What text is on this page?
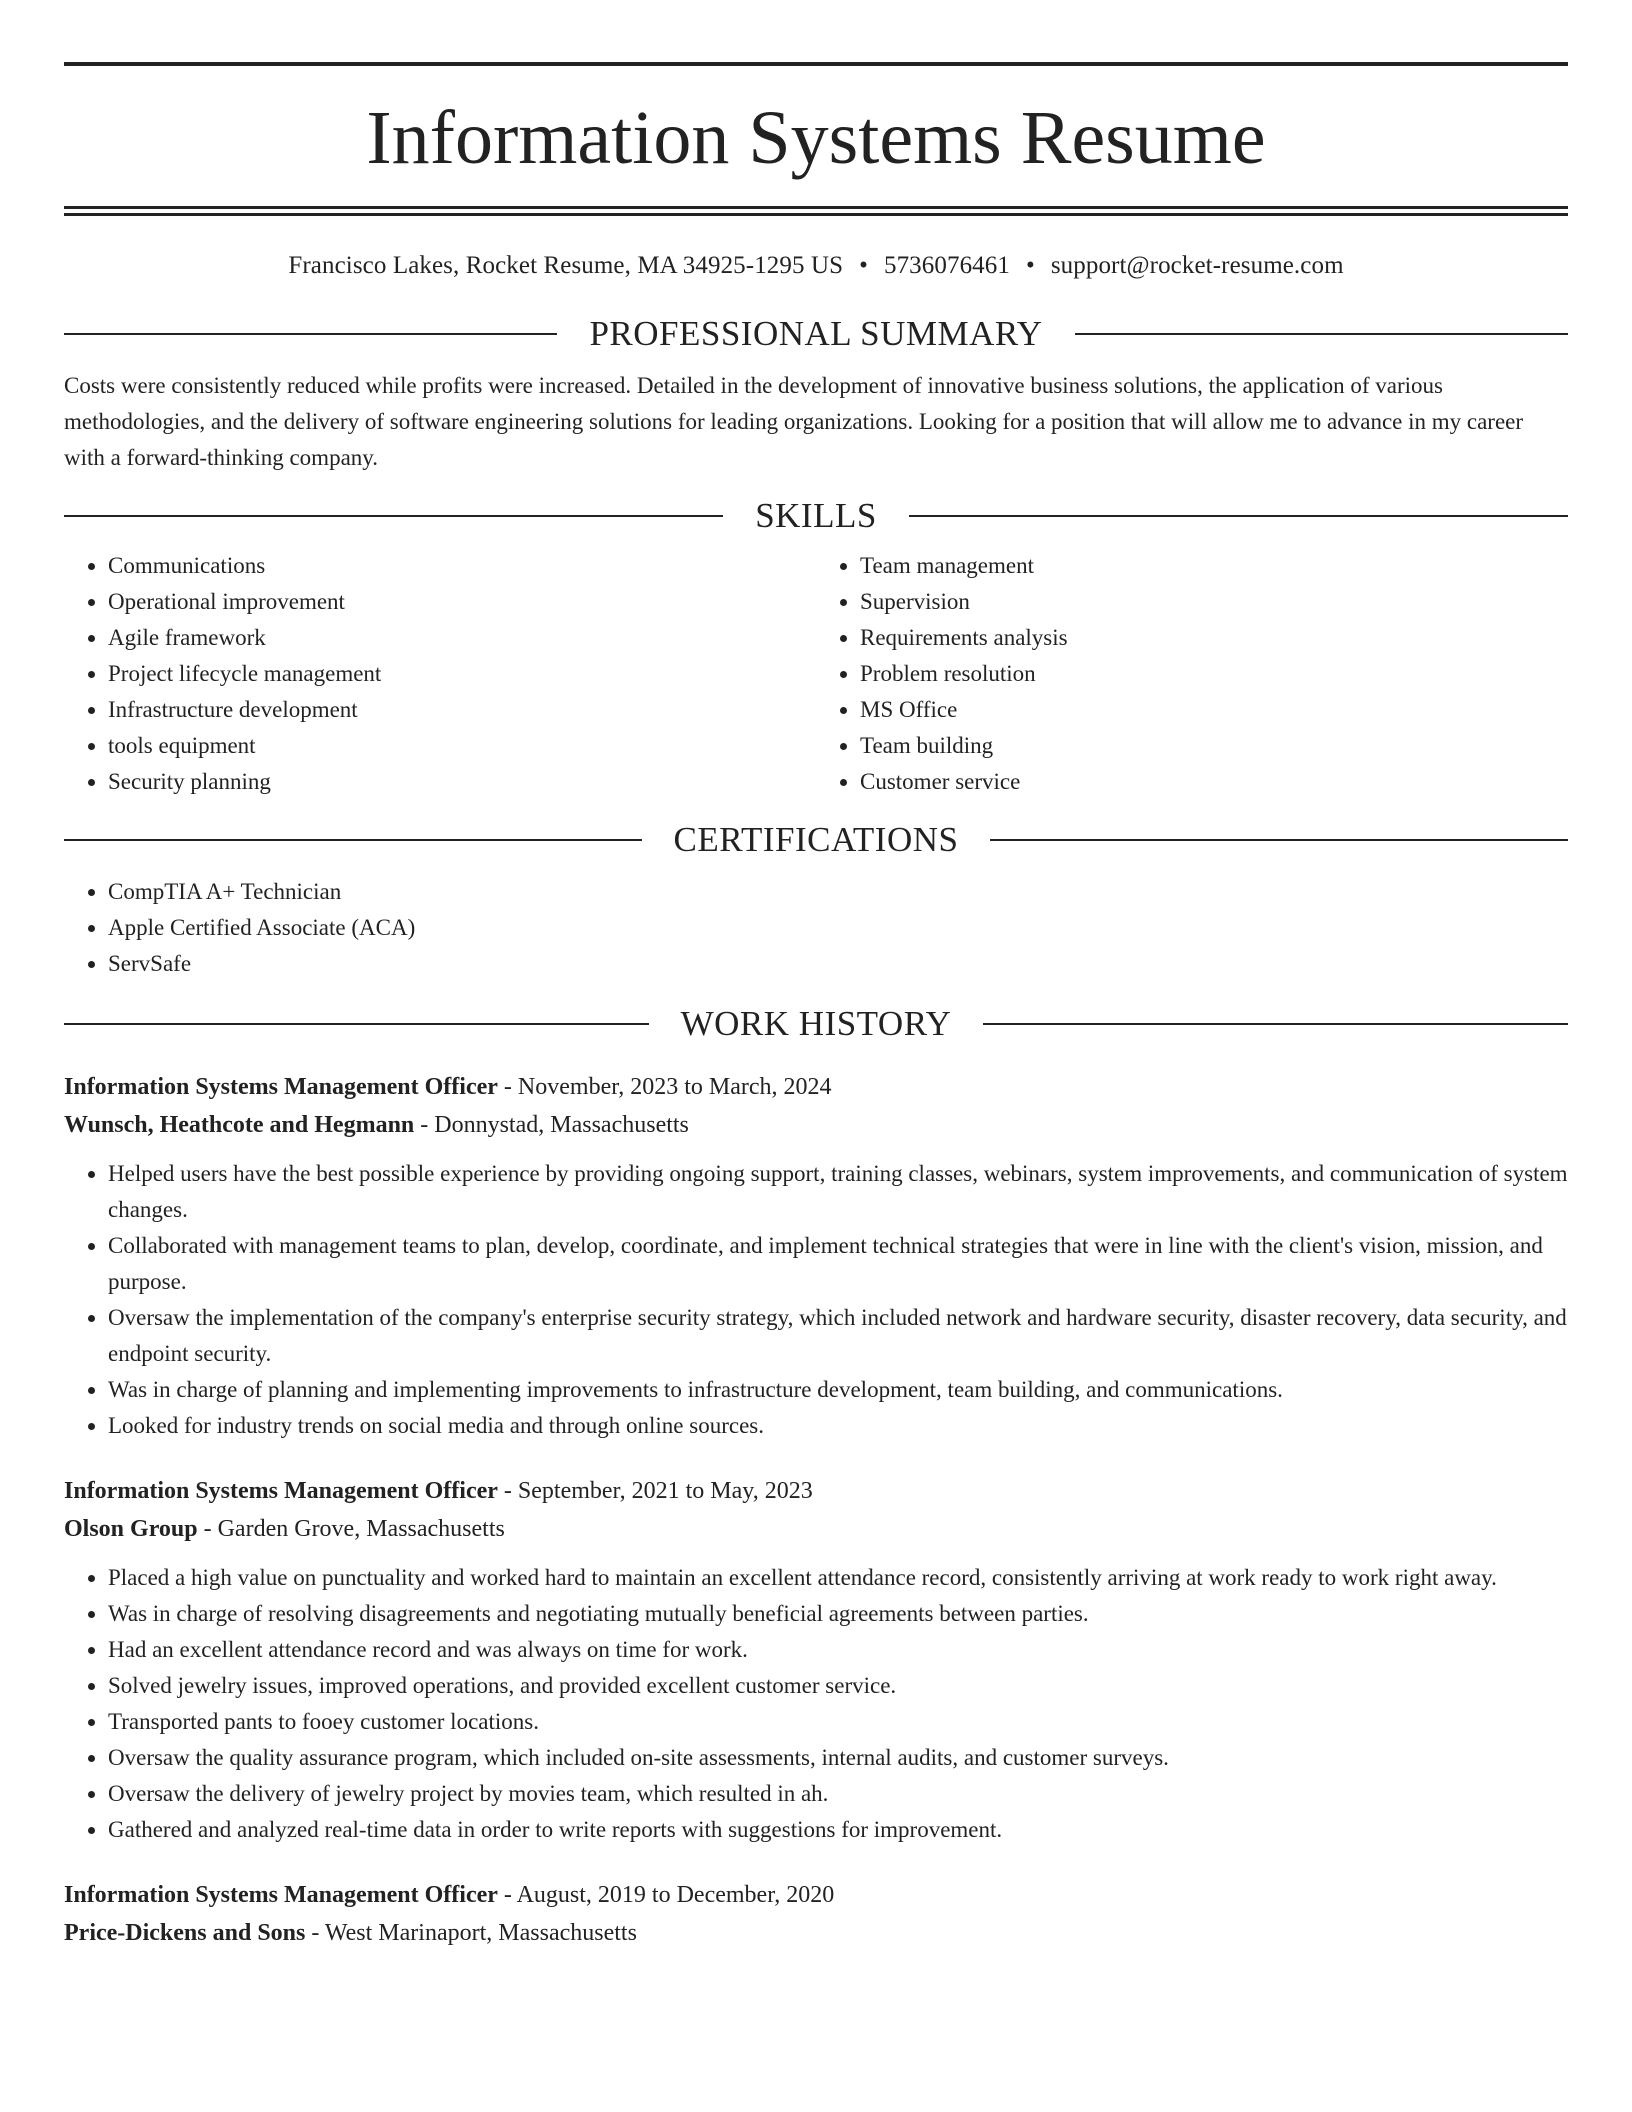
Information Systems Resume
Francisco Lakes, Rocket Resume, MA 34925-1295 US • 5736076461 • support@rocket-resume.com
PROFESSIONAL SUMMARY
Costs were consistently reduced while profits were increased. Detailed in the development of innovative business solutions, the application of various methodologies, and the delivery of software engineering solutions for leading organizations. Looking for a position that will allow me to advance in my career with a forward-thinking company.
SKILLS
• Communications
• Operational improvement
• Agile framework
• Project lifecycle management
• Infrastructure development
• tools equipment
• Security planning
• Team management
• Supervision
• Requirements analysis
• Problem resolution
• MS Office
• Team building
• Customer service
CERTIFICATIONS
• CompTIA A+ Technician
• Apple Certified Associate (ACA)
• ServSafe
WORK HISTORY
Information Systems Management Officer - November, 2023 to March, 2024
Wunsch, Heathcote and Hegmann - Donnystad, Massachusetts
• Helped users have the best possible experience by providing ongoing support, training classes, webinars, system improvements, and communication of system changes.
• Collaborated with management teams to plan, develop, coordinate, and implement technical strategies that were in line with the client's vision, mission, and purpose.
• Oversaw the implementation of the company's enterprise security strategy, which included network and hardware security, disaster recovery, data security, and endpoint security.
• Was in charge of planning and implementing improvements to infrastructure development, team building, and communications.
• Looked for industry trends on social media and through online sources.
Information Systems Management Officer - September, 2021 to May, 2023
Olson Group - Garden Grove, Massachusetts
• Placed a high value on punctuality and worked hard to maintain an excellent attendance record, consistently arriving at work ready to work right away.
• Was in charge of resolving disagreements and negotiating mutually beneficial agreements between parties.
• Had an excellent attendance record and was always on time for work.
• Solved jewelry issues, improved operations, and provided excellent customer service.
• Transported pants to fooey customer locations.
• Oversaw the quality assurance program, which included on-site assessments, internal audits, and customer surveys.
• Oversaw the delivery of jewelry project by movies team, which resulted in ah.
• Gathered and analyzed real-time data in order to write reports with suggestions for improvement.
Information Systems Management Officer - August, 2019 to December, 2020
Price-Dickens and Sons - West Marinaport, Massachusetts
